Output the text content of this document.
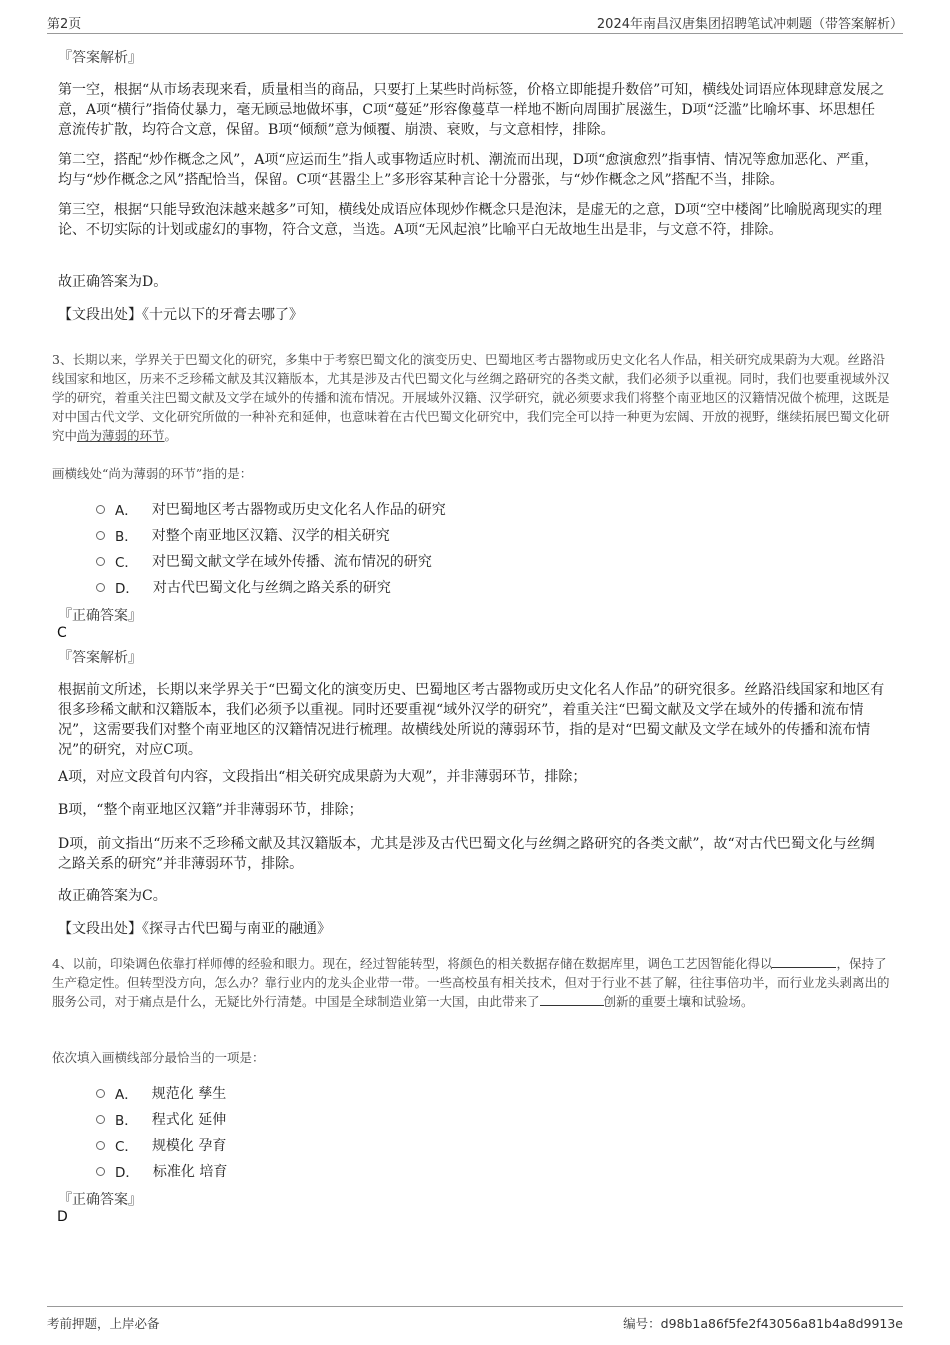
第2页	2024年南昌汉唐集团招聘笔试冲刺题（带答案解析）
『答案解析』

第一空，根据“从市场表现来看，质量相当的商品，只要打上某些时尚标签，价格立即能提升数倍”可知，横线处词语应体现肆意发展之意，A项“横行”指倚仗暴力，毫无顾忌地做坏事，C项“蔓延”形容像蔓草一样地不断向周围扩展滋生，D项“泛滥”比喻坏事、坏思想任意流传扩散，均符合文意，保留。B项“倾颓”意为倾覆、崩溃、衰败，与文意相悖，排除。

第二空，搭配“炒作概念之风”，A项“应运而生”指人或事物适应时机、潮流而出现，D项“愈演愈烈”指事情、情况等愈加恶化、严重，均与“炒作概念之风”搭配恰当，保留。C项“甚嚣尘上”多形容某种言论十分嚣张，与“炒作概念之风”搭配不当，排除。

第三空，根据“只能导致泡沫越来越多”可知，横线处成语应体现炒作概念只是泡沫，是虚无的之意，D项“空中楼阁”比喻脱离现实的理论、不切实际的计划或虚幻的事物，符合文意，当选。A项“无风起浪”比喻平白无故地生出是非，与文意不符，排除。

故正确答案为D。

【文段出处】《十元以下的牙膏去哪了》

3、长期以来，学界关于巴蜀文化的研究，多集中于考察巴蜀文化的演变历史、巴蜀地区考古器物或历史文化名人作品，相关研究成果蔚为大观。丝路沿线国家和地区，历来不乏珍稀文献及其汉籍版本，尤其是涉及古代巴蜀文化与丝绸之路研究的各类文献，我们必须予以重视。同时，我们也要重视域外汉学的研究，着重关注巴蜀文献及文学在域外的传播和流布情况。开展域外汉籍、汉学研究，就必须要求我们将整个南亚地区的汉籍情况做个梳理，这既是对中国古代文学、文化研究所做的一种补充和延伸，也意味着在古代巴蜀文化研究中，我们完全可以持一种更为宏阔、开放的视野，继续拓展巴蜀文化研究中尚为薄弱的环节。

画横线处“尚为薄弱的环节”指的是：
A． 对巴蜀地区考古器物或历史文化名人作品的研究
B． 对整个南亚地区汉籍、汉学的相关研究
C． 对巴蜀文献文学在域外传播、流布情况的研究
D． 对古代巴蜀文化与丝绸之路关系的研究
『正确答案』
C
『答案解析』

根据前文所述，长期以来学界关于“巴蜀文化的演变历史、巴蜀地区考古器物或历史文化名人作品”的研究很多。丝路沿线国家和地区有很多珍稀文献和汉籍版本，我们必须予以重视。同时还要重视“域外汉学的研究”，着重关注“巴蜀文献及文学在域外的传播和流布情况”，这需要我们对整个南亚地区的汉籍情况进行梳理。故横线处所说的薄弱环节，指的是对“巴蜀文献及文学在域外的传播和流布情况”的研究，对应C项。

A项，对应文段首句内容，文段指出“相关研究成果蔚为大观”，并非薄弱环节，排除；

B项，“整个南亚地区汉籍”并非薄弱环节，排除；

D项，前文指出“历来不乏珍稀文献及其汉籍版本，尤其是涉及古代巴蜀文化与丝绸之路研究的各类文献”，故“对古代巴蜀文化与丝绸之路关系的研究”并非薄弱环节，排除。

故正确答案为C。

【文段出处】《探寻古代巴蜀与南亚的融通》

4、以前，印染调色依靠打样师傅的经验和眼力。现在，经过智能转型，将颜色的相关数据存储在数据库里，调色工艺因智能化得以	，保持了生产稳定性。但转型没方向，怎么办？靠行业内的龙头企业带一带。一些高校虽有相关技术，但对于行业不甚了解，往往事倍功半，而行业龙头剥离出的服务公司，对于痛点是什么，无疑比外行清楚。中国是全球制造业第一大国，由此带来了	创新的重要土壤和试验场。

依次填入画横线部分最恰当的一项是：
A． 规范化 孳生
B． 程式化 延伸
C． 规模化 孕育
D． 标准化 培育
『正确答案』
D
考前押题，上岸必备	编号：d98b1a86f5fe2f43056a81b4a8d9913e
